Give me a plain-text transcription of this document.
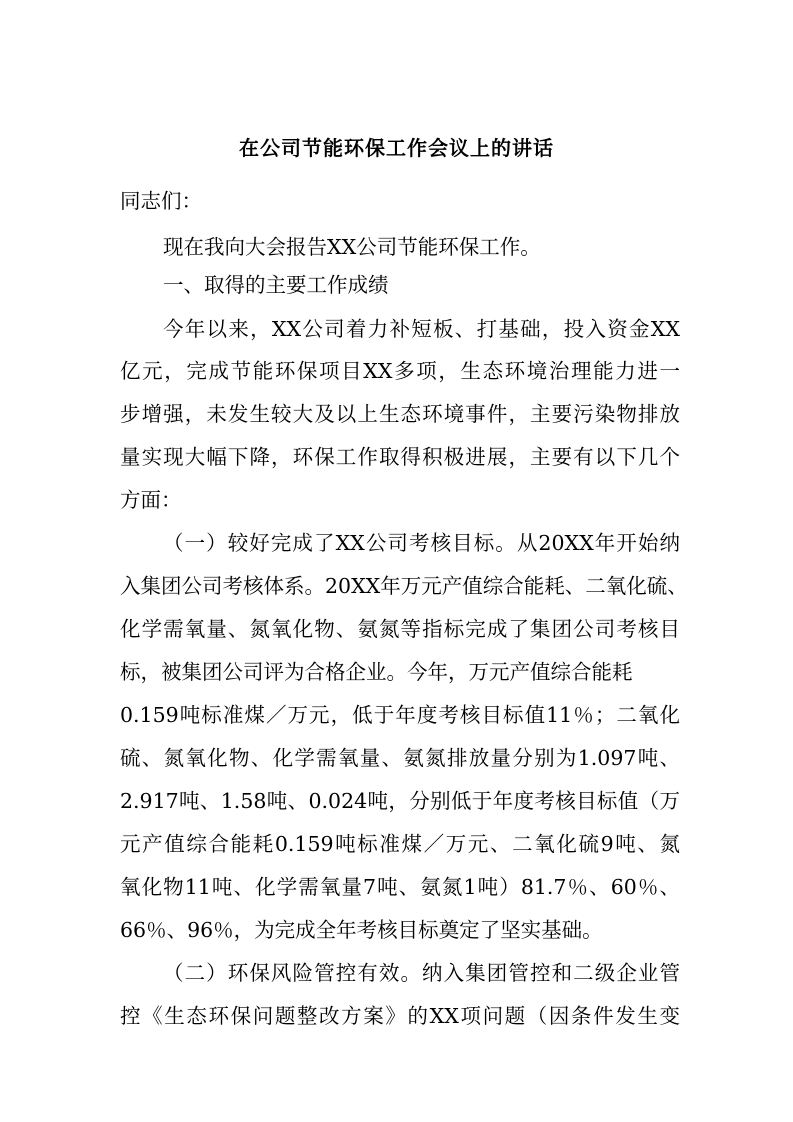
在公司节能环保工作会议上的讲话

同志们：

现在我向大会报告XX公司节能环保工作。

一、取得的主要工作成绩

今年以来，XX公司着力补短板、打基础，投入资金XX

亿元，完成节能环保项目XX多项，生态环境治理能力进一

步增强，未发生较大及以上生态环境事件，主要污染物排放

量实现大幅下降，环保工作取得积极进展，主要有以下几个

方面：

（一）较好完成了XX公司考核目标。从20XX年开始纳

入集团公司考核体系。20XX年万元产值综合能耗、二氧化硫、

化学需氧量、氮氧化物、氨氮等指标完成了集团公司考核目

标，被集团公司评为合格企业。今年，万元产值综合能耗

0.159吨标准煤／万元，低于年度考核目标值11％；二氧化

硫、氮氧化物、化学需氧量、氨氮排放量分别为1.097吨、

2.917吨、1.58吨、0.024吨，分别低于年度考核目标值（万

元产值综合能耗0.159吨标准煤／万元、二氧化硫9吨、氮

氧化物11吨、化学需氧量7吨、氨氮1吨）81.7％、60％、

66％、96％，为完成全年考核目标奠定了坚实基础。

（二）环保风险管控有效。纳入集团管控和二级企业管

控《生态环保问题整改方案》的XX项问题（因条件发生变
